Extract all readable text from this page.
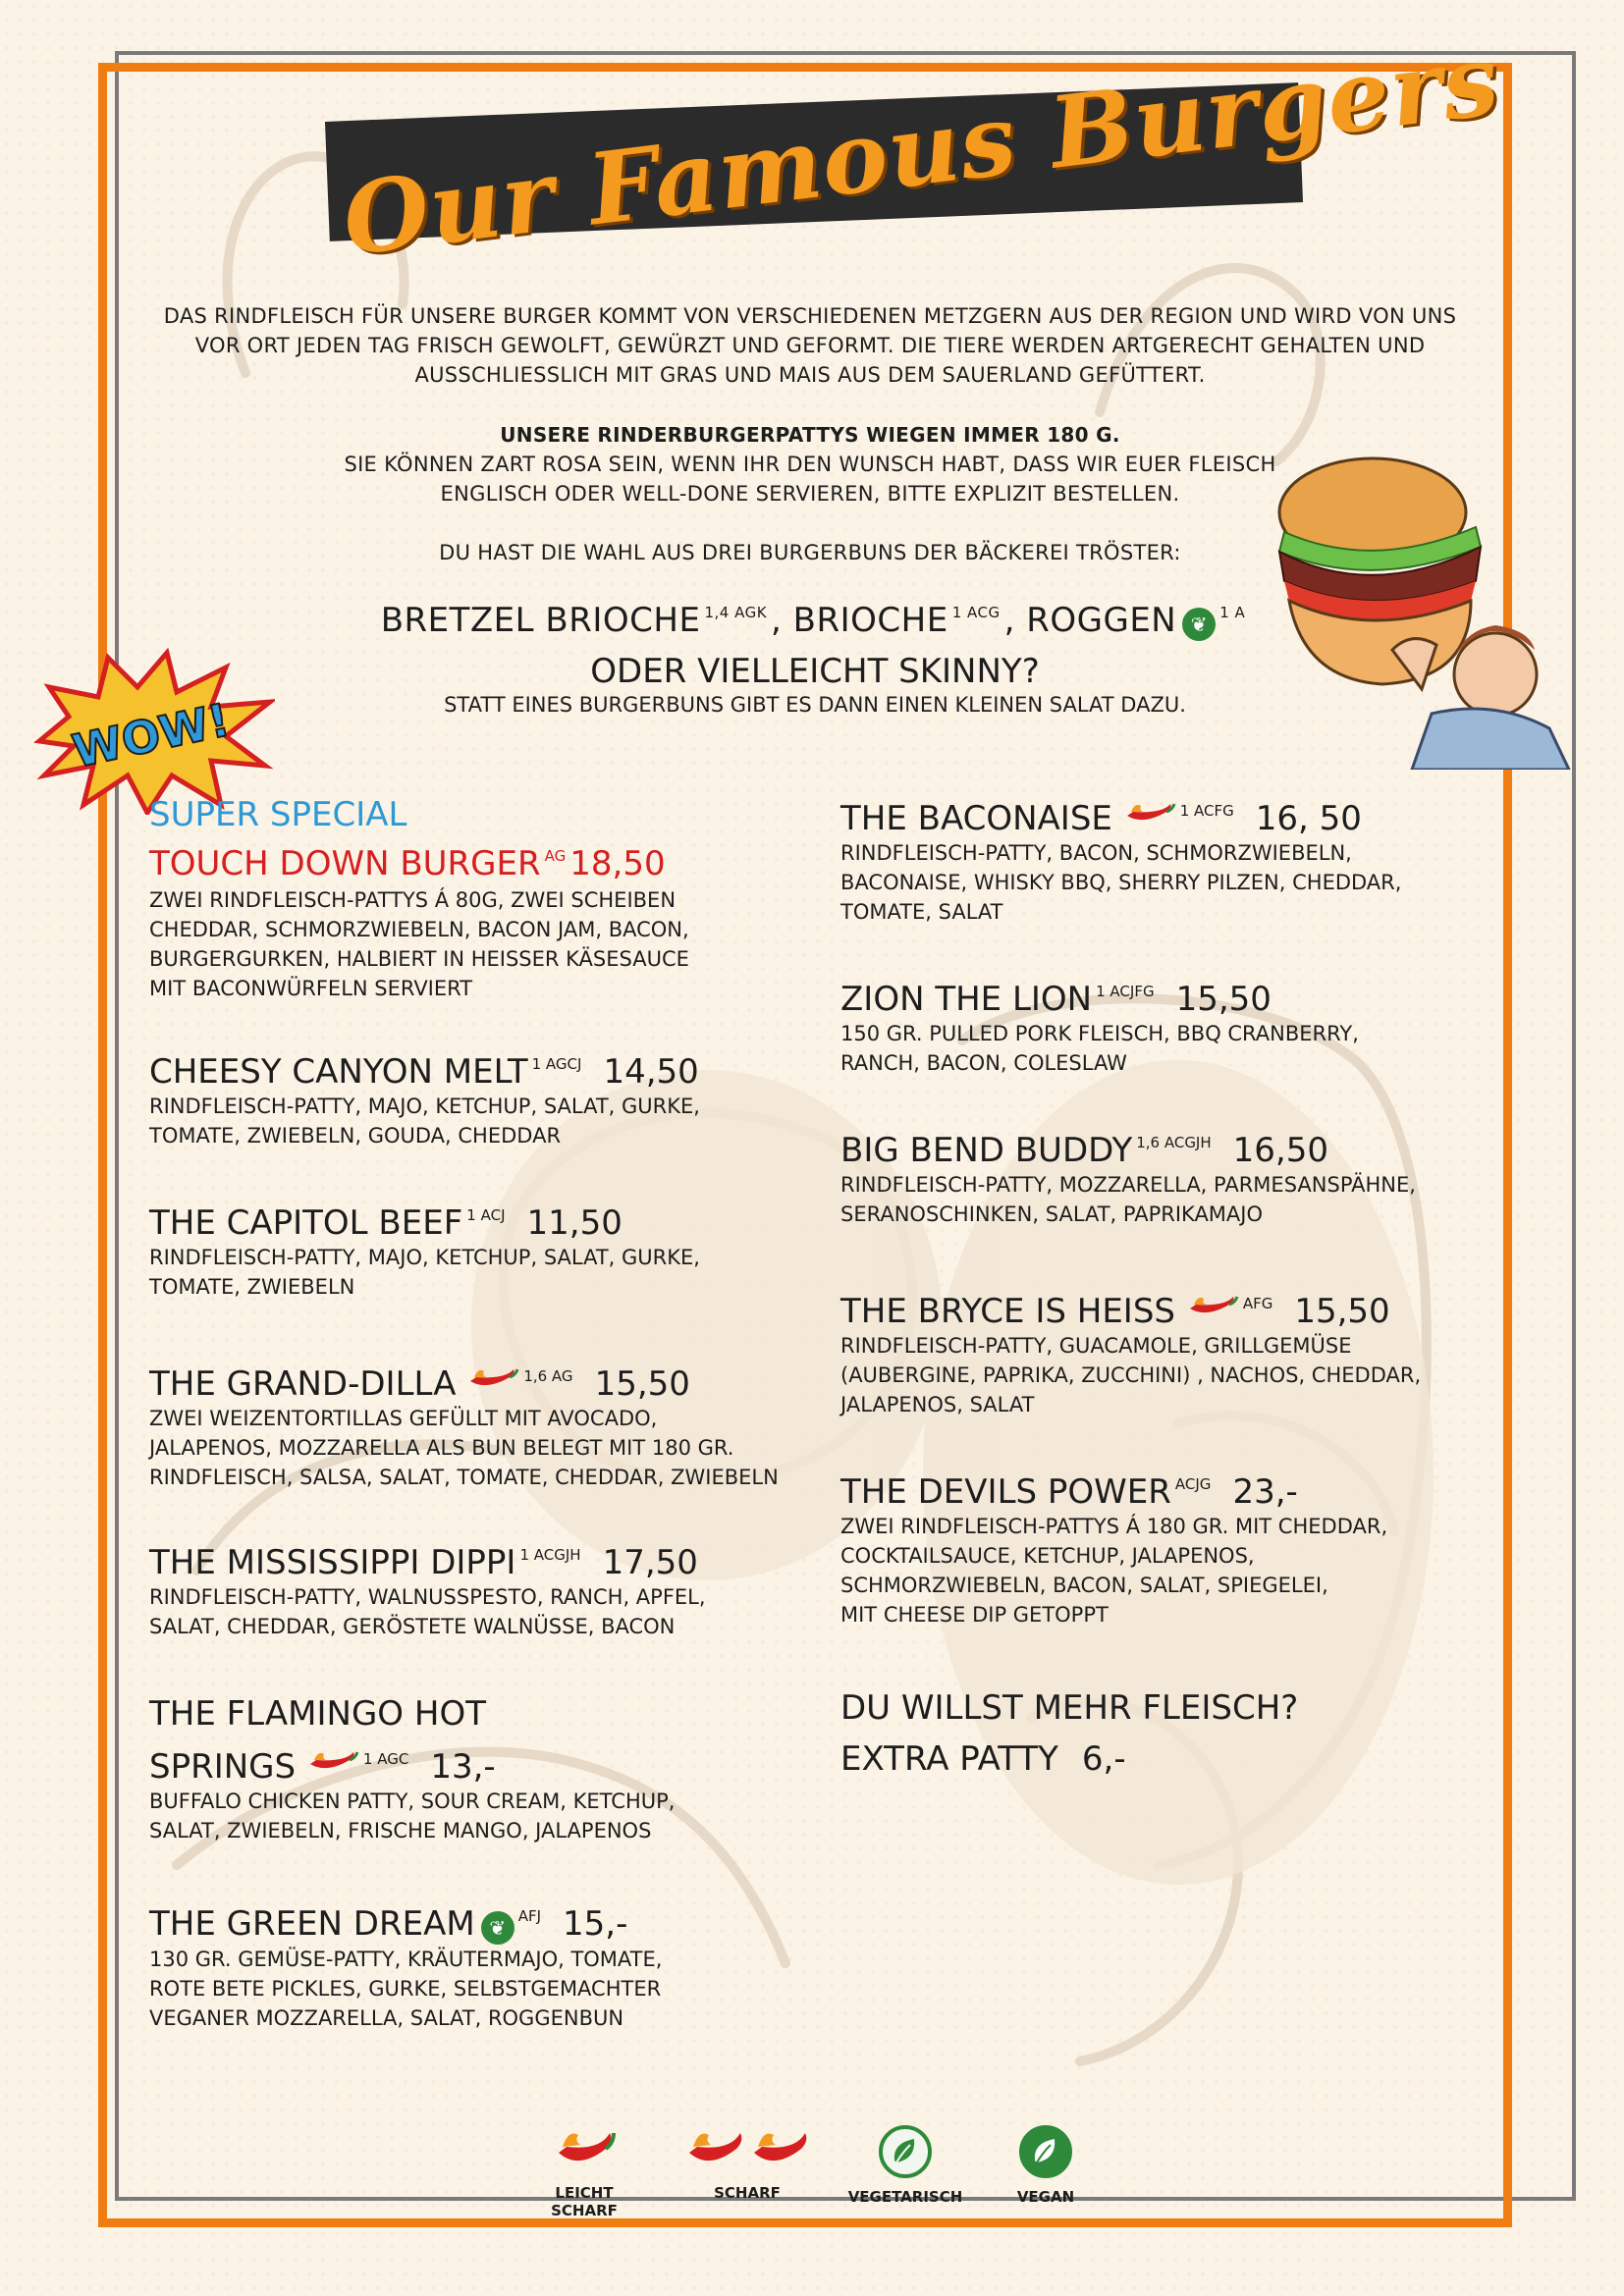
Our Famous Burgers
DAS RINDFLEISCH FÜR UNSERE BURGER KOMMT VON VERSCHIEDENEN METZGERN AUS DER REGION UND WIRD VON UNS
VOR ORT JEDEN TAG FRISCH GEWOLFT, GEWÜRZT UND GEFORMT. DIE TIERE WERDEN ARTGERECHT GEHALTEN UND
AUSSCHLIESSLICH MIT GRAS UND MAIS AUS DEM SAUERLAND GEFÜTTERT.
UNSERE RINDERBURGERPATTYS WIEGEN IMMER 180 G.
SIE KÖNNEN ZART ROSA SEIN, WENN IHR DEN WUNSCH HABT, DASS WIR EUER FLEISCH
ENGLISCH ODER WELL-DONE SERVIEREN, BITTE EXPLIZIT BESTELLEN.
DU HAST DIE WAHL AUS DREI BURGERBUNS DER BÄCKEREI TRÖSTER:
BRETZEL BRIOCHE $^{1,4 AGK}$ , BRIOCHE $^{1 ACG}$ , ROGGEN ❦ $^{1 A}$
ODER VIELLEICHT SKINNY?
STATT EINES BURGERBUNS GIBT ES DANN EINEN KLEINEN SALAT DAZU.
WOW!
SUPER SPECIAL
TOUCH DOWN BURGER $^{AG}$ 18,50
ZWEI RINDFLEISCH-PATTYS Á 80G, ZWEI SCHEIBEN
CHEDDAR, SCHMORZWIEBELN, BACON JAM, BACON,
BURGERGURKEN, HALBIERT IN HEISSER KÄSESAUCE
MIT BACONWÜRFELN SERVIERT
CHEESY CANYON MELT $^{1 AGCJ}$ 14,50
RINDFLEISCH-PATTY, MAJO, KETCHUP, SALAT, GURKE,
TOMATE, ZWIEBELN, GOUDA, CHEDDAR
THE CAPITOL BEEF $^{1 ACJ}$ 11,50
RINDFLEISCH-PATTY, MAJO, KETCHUP, SALAT, GURKE,
TOMATE, ZWIEBELN
THE GRAND-DILLA	$^{1,6 AG}$ 15,50
ZWEI WEIZENTORTILLAS GEFÜLLT MIT AVOCADO,
JALAPENOS, MOZZARELLA ALS BUN BELEGT MIT 180 GR.
RINDFLEISCH, SALSA, SALAT, TOMATE, CHEDDAR, ZWIEBELN
THE MISSISSIPPI DIPPI $^{1 ACGJH}$ 17,50
RINDFLEISCH-PATTY, WALNUSSPESTO, RANCH, APFEL,
SALAT, CHEDDAR, GERÖSTETE WALNÜSSE, BACON
THE FLAMINGO HOT
SPRINGS	$^{1 AGC}$ 13,-
BUFFALO CHICKEN PATTY, SOUR CREAM, KETCHUP,
SALAT, ZWIEBELN, FRISCHE MANGO, JALAPENOS
THE GREEN DREAM ❦ $^{AFJ}$ 15,-
130 GR. GEMÜSE-PATTY, KRÄUTERMAJO, TOMATE,
ROTE BETE PICKLES, GURKE, SELBSTGEMACHTER
VEGANER MOZZARELLA, SALAT, ROGGENBUN
THE BACONAISE	$^{1 ACFG}$ 16, 50
RINDFLEISCH-PATTY, BACON, SCHMORZWIEBELN,
BACONAISE, WHISKY BBQ, SHERRY PILZEN, CHEDDAR,
TOMATE, SALAT
ZION THE LION $^{1 ACJFG}$ 15,50
150 GR. PULLED PORK FLEISCH, BBQ CRANBERRY,
RANCH, BACON, COLESLAW
BIG BEND BUDDY $^{1,6 ACGJH}$ 16,50
RINDFLEISCH-PATTY, MOZZARELLA, PARMESANSPÄHNE,
SERANOSCHINKEN, SALAT, PAPRIKAMAJO
THE BRYCE IS HEISS	$^{AFG}$ 15,50
RINDFLEISCH-PATTY, GUACAMOLE, GRILLGEMÜSE
(AUBERGINE, PAPRIKA, ZUCCHINI) , NACHOS, CHEDDAR,
JALAPENOS, SALAT
THE DEVILS POWER $^{ACJG}$ 23,-
ZWEI RINDFLEISCH-PATTYS Á 180 GR. MIT CHEDDAR,
COCKTAILSAUCE, KETCHUP, JALAPENOS,
SCHMORZWIEBELN, BACON, SALAT, SPIEGELEI,
MIT CHEESE DIP GETOPPT
DU WILLST MEHR FLEISCH?
EXTRA PATTY 6,-
LEICHT SCHARF
SCHARF	VEGETARISCH	VEGAN
